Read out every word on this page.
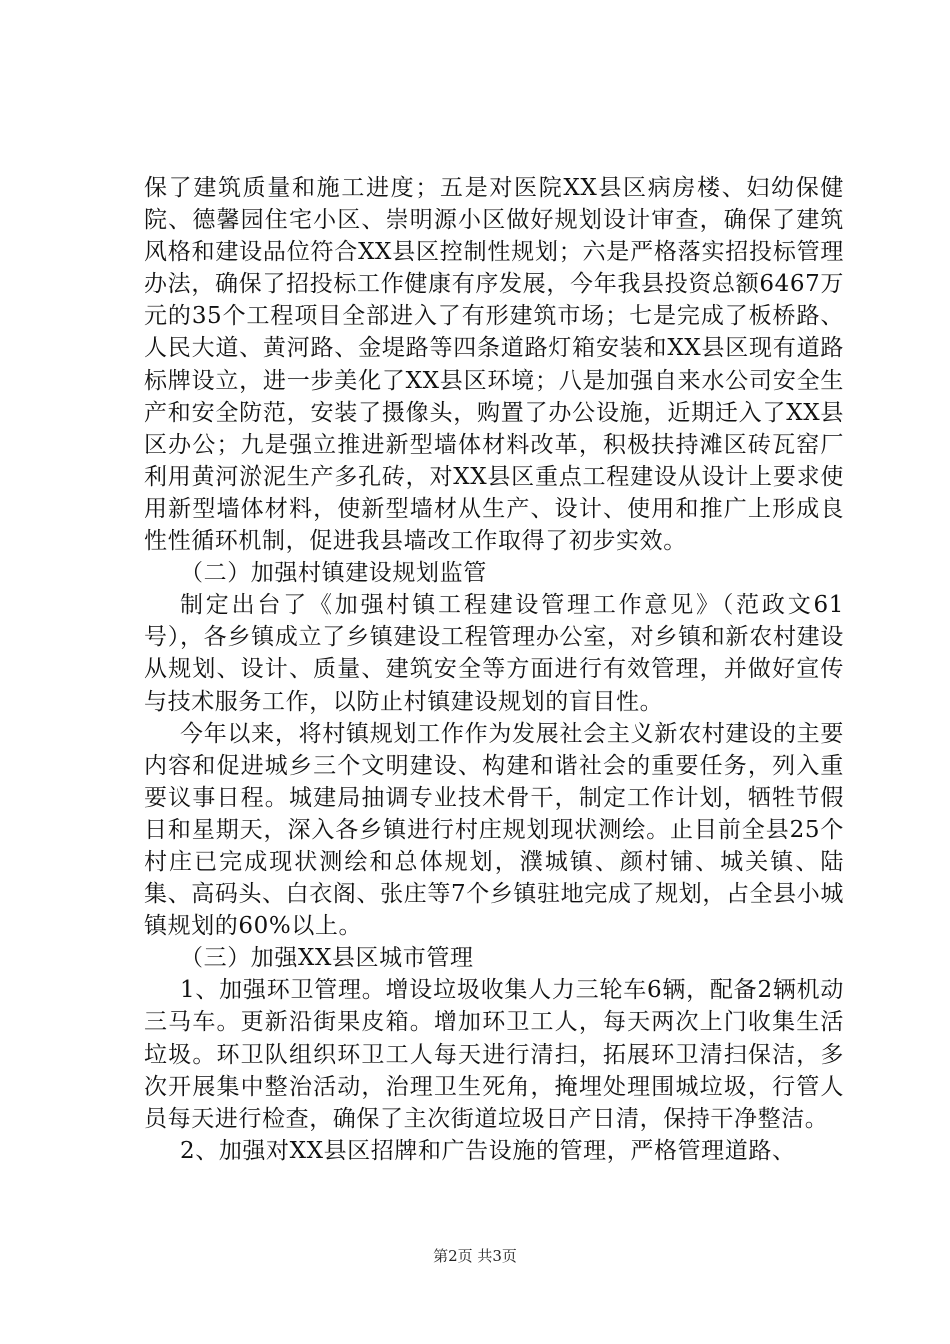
保了建筑质量和施工进度；五是对医院XX县区病房楼、妇幼保健院、德馨园住宅小区、崇明源小区做好规划设计审查，确保了建筑风格和建设品位符合XX县区控制性规划；六是严格落实招投标管理办法，确保了招投标工作健康有序发展，今年我县投资总额6467万元的35个工程项目全部进入了有形建筑市场；七是完成了板桥路、人民大道、黄河路、金堤路等四条道路灯箱安装和XX县区现有道路标牌设立，进一步美化了XX县区环境；八是加强自来水公司安全生产和安全防范，安装了摄像头，购置了办公设施，近期迁入了XX县区办公；九是强立推进新型墙体材料改革，积极扶持滩区砖瓦窑厂利用黄河淤泥生产多孔砖，对XX县区重点工程建设从设计上要求使用新型墙体材料，使新型墙材从生产、设计、使用和推广上形成良性性循环机制，促进我县墙改工作取得了初步实效。

（二）加强村镇建设规划监管

制定出台了《加强村镇工程建设管理工作意见》（范政文61号），各乡镇成立了乡镇建设工程管理办公室，对乡镇和新农村建设从规划、设计、质量、建筑安全等方面进行有效管理，并做好宣传与技术服务工作，以防止村镇建设规划的盲目性。

今年以来，将村镇规划工作作为发展社会主义新农村建设的主要内容和促进城乡三个文明建设、构建和谐社会的重要任务，列入重要议事日程。城建局抽调专业技术骨干，制定工作计划，牺牲节假日和星期天，深入各乡镇进行村庄规划现状测绘。止目前全县25个村庄已完成现状测绘和总体规划，濮城镇、颜村铺、城关镇、陆集、高码头、白衣阁、张庄等7个乡镇驻地完成了规划，占全县小城镇规划的60%以上。

（三）加强XX县区城市管理

1、加强环卫管理。增设垃圾收集人力三轮车6辆，配备2辆机动三马车。更新沿街果皮箱。增加环卫工人，每天两次上门收集生活垃圾。环卫队组织环卫工人每天进行清扫，拓展环卫清扫保洁，多次开展集中整治活动，治理卫生死角，掩埋处理围城垃圾，行管人员每天进行检查，确保了主次街道垃圾日产日清，保持干净整洁。

2、加强对XX县区招牌和广告设施的管理，严格管理道路、

第2页 共3页
